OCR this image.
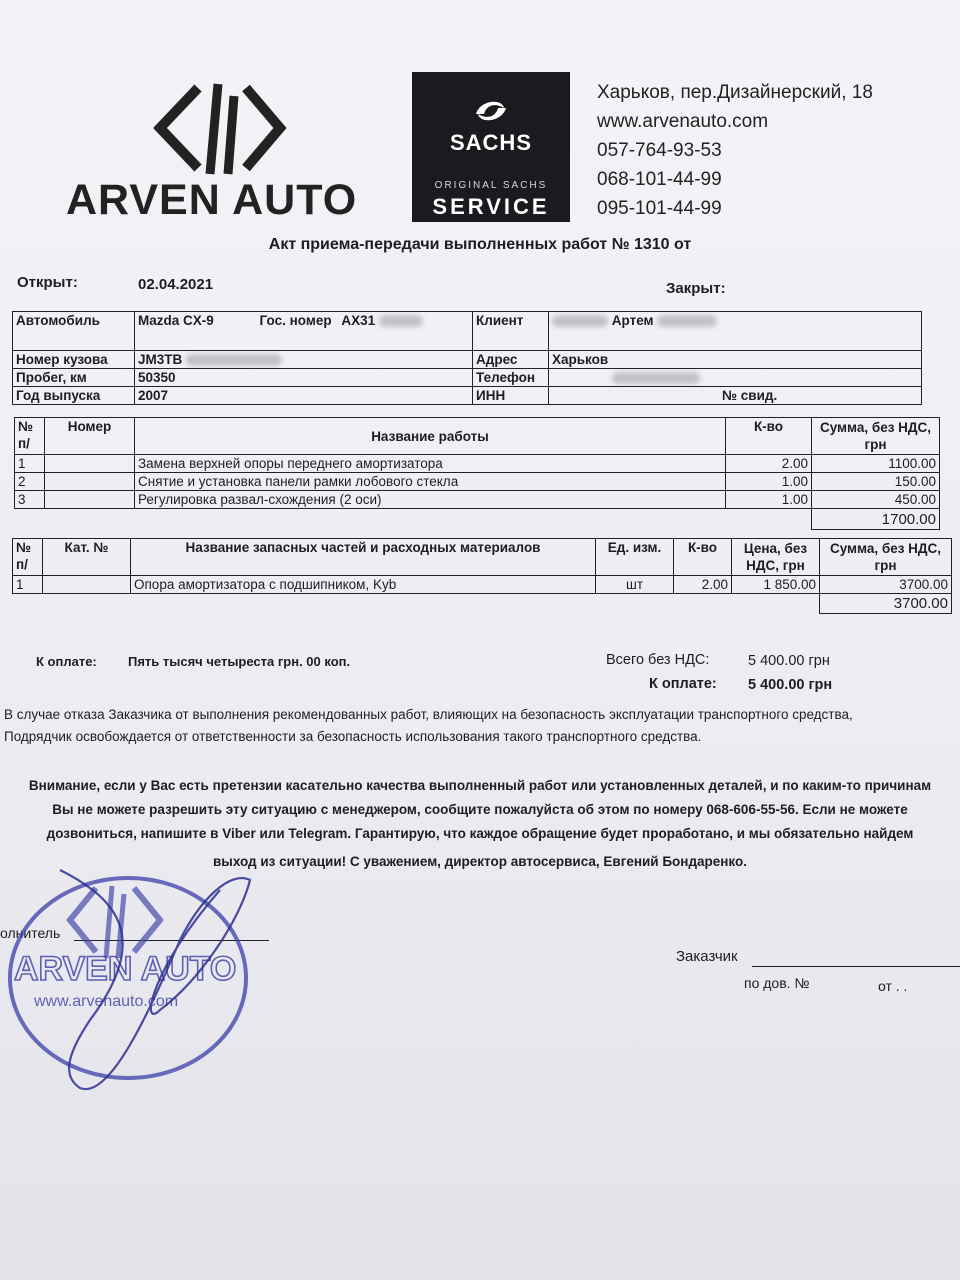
ARVEN AUTO
SACHS
ORIGINAL SACHS
SERVICE
Харьков, пер.Дизайнерский, 18
www.arvenauto.com
057-764-93-53
068-101-44-99
095-101-44-99
Акт приема-передачи выполненных работ № 1310 от
Открыт:	02.04.2021	Закрыт:
Автомобиль	Mazda CX-9 Гос. номер AX31	Клиент	Артем
Номер кузова	JM3TB	Адрес	Харьков
Пробег, км	50350	Телефон	
Год выпуска	2007	ИНН	№ свид.
№ п/	Номер	Название работы	К-во	Сумма, без НДС, грн
1		Замена верхней опоры переднего амортизатора	2.00	1100.00
2		Снятие и установка панели рамки лобового стекла	1.00	150.00
3		Регулировка развал-схождения (2 оси)	1.00	450.00
				1700.00
№ п/	Кат. №	Название запасных частей и расходных материалов	Ед. изм.	К-во	Цена, без НДС, грн	Сумма, без НДС, грн
1		Опора амортизатора с подшипником, Kyb	шт	2.00	1 850.00	3700.00
						3700.00
К оплате: Пять тысяч четыреста грн. 00 коп.	Всего без НДС:	5 400.00 грн
К оплате: 5 400.00 грн
В случае отказа Заказчика от выполнения рекомендованных работ, влияющих на безопасность эксплуатации транспортного средства,
Подрядчик освобождается от ответственности за безопасность использования такого транспортного средства.
Внимание, если у Вас есть претензии касательно качества выполненный работ или установленных деталей, и по каким-то причинам
Вы не можете разрешить эту ситуацию с менеджером, сообщите пожалуйста об этом по номеру 068-606-55-56. Если не можете
дозвониться, напишите в Viber или Telegram. Гарантирую, что каждое обращение будет проработано, и мы обязательно найдем
выход из ситуации! С уважением, директор автосервиса, Евгений Бондаренко.
олнитель
Заказчик
по дов. №	от . .
ARVEN AUTO
www.arvenauto.com
